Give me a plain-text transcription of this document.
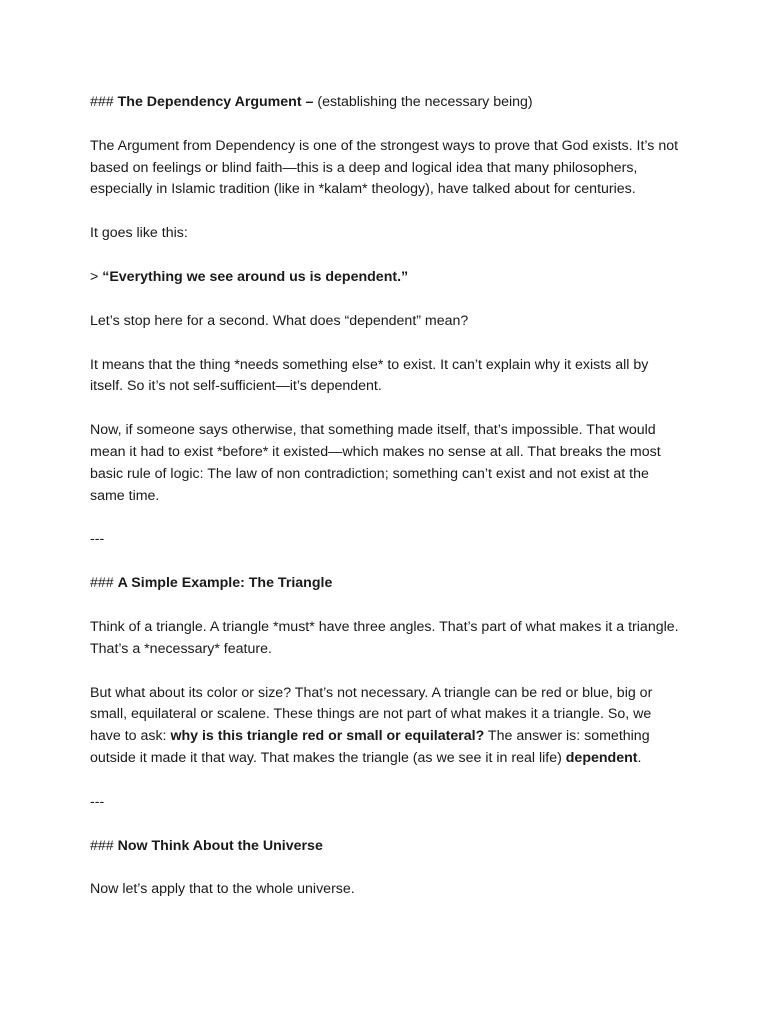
### The Dependency Argument – (establishing the necessary being)

The Argument from Dependency is one of the strongest ways to prove that God exists. It’s not based on feelings or blind faith—this is a deep and logical idea that many philosophers, especially in Islamic tradition (like in *kalam* theology), have talked about for centuries.

It goes like this:

> “Everything we see around us is dependent.”

Let’s stop here for a second. What does “dependent” mean?

It means that the thing *needs something else* to exist. It can’t explain why it exists all by itself. So it’s not self-sufficient—it’s dependent.

Now, if someone says otherwise, that something made itself, that’s impossible. That would mean it had to exist *before* it existed—which makes no sense at all. That breaks the most basic rule of logic: The law of non contradiction; something can’t exist and not exist at the same time.

---

### A Simple Example: The Triangle

Think of a triangle. A triangle *must* have three angles. That’s part of what makes it a triangle. That’s a *necessary* feature.

But what about its color or size? That’s not necessary. A triangle can be red or blue, big or small, equilateral or scalene. These things are not part of what makes it a triangle. So, we have to ask: why is this triangle red or small or equilateral? The answer is: something outside it made it that way. That makes the triangle (as we see it in real life) dependent.

---

### Now Think About the Universe

Now let’s apply that to the whole universe.
